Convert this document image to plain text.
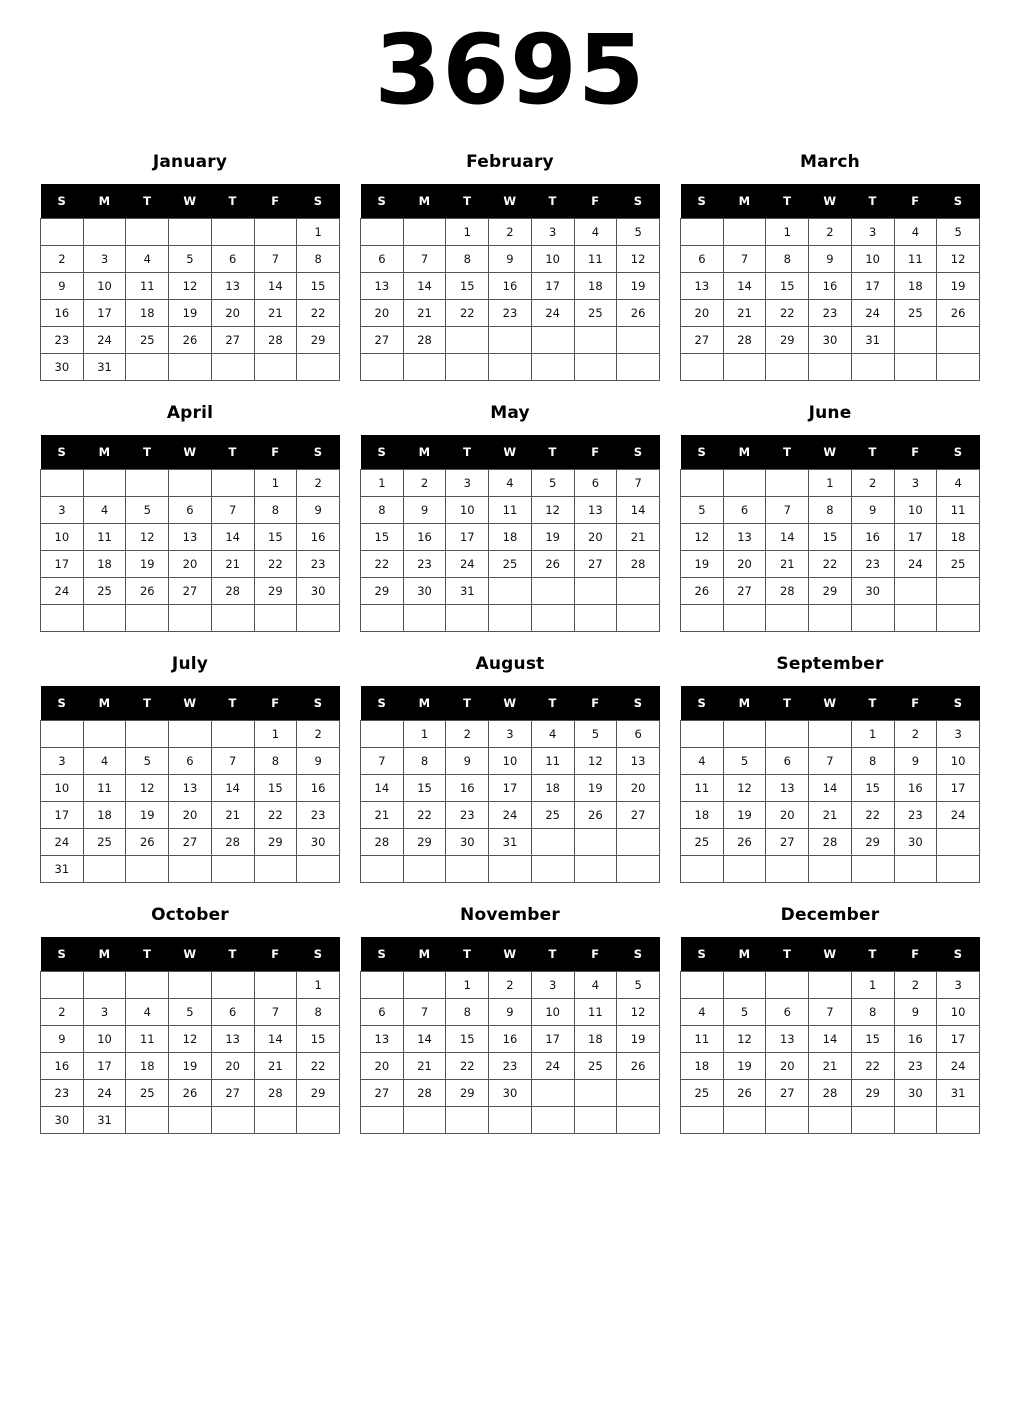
3695
January
S	M	T	W	T	F	S
						1
2	3	4	5	6	7	8
9	10	11	12	13	14	15
16	17	18	19	20	21	22
23	24	25	26	27	28	29
30	31					
February
S	M	T	W	T	F	S
		1	2	3	4	5
6	7	8	9	10	11	12
13	14	15	16	17	18	19
20	21	22	23	24	25	26
27	28					

March
S	M	T	W	T	F	S
		1	2	3	4	5
6	7	8	9	10	11	12
13	14	15	16	17	18	19
20	21	22	23	24	25	26
27	28	29	30	31		

April
S	M	T	W	T	F	S
					1	2
3	4	5	6	7	8	9
10	11	12	13	14	15	16
17	18	19	20	21	22	23
24	25	26	27	28	29	30

May
S	M	T	W	T	F	S
1	2	3	4	5	6	7
8	9	10	11	12	13	14
15	16	17	18	19	20	21
22	23	24	25	26	27	28
29	30	31				

June
S	M	T	W	T	F	S
			1	2	3	4
5	6	7	8	9	10	11
12	13	14	15	16	17	18
19	20	21	22	23	24	25
26	27	28	29	30		

July
S	M	T	W	T	F	S
					1	2
3	4	5	6	7	8	9
10	11	12	13	14	15	16
17	18	19	20	21	22	23
24	25	26	27	28	29	30
31						
August
S	M	T	W	T	F	S
	1	2	3	4	5	6
7	8	9	10	11	12	13
14	15	16	17	18	19	20
21	22	23	24	25	26	27
28	29	30	31			

September
S	M	T	W	T	F	S
				1	2	3
4	5	6	7	8	9	10
11	12	13	14	15	16	17
18	19	20	21	22	23	24
25	26	27	28	29	30	

October
S	M	T	W	T	F	S
						1
2	3	4	5	6	7	8
9	10	11	12	13	14	15
16	17	18	19	20	21	22
23	24	25	26	27	28	29
30	31					
November
S	M	T	W	T	F	S
		1	2	3	4	5
6	7	8	9	10	11	12
13	14	15	16	17	18	19
20	21	22	23	24	25	26
27	28	29	30			

December
S	M	T	W	T	F	S
				1	2	3
4	5	6	7	8	9	10
11	12	13	14	15	16	17
18	19	20	21	22	23	24
25	26	27	28	29	30	31
